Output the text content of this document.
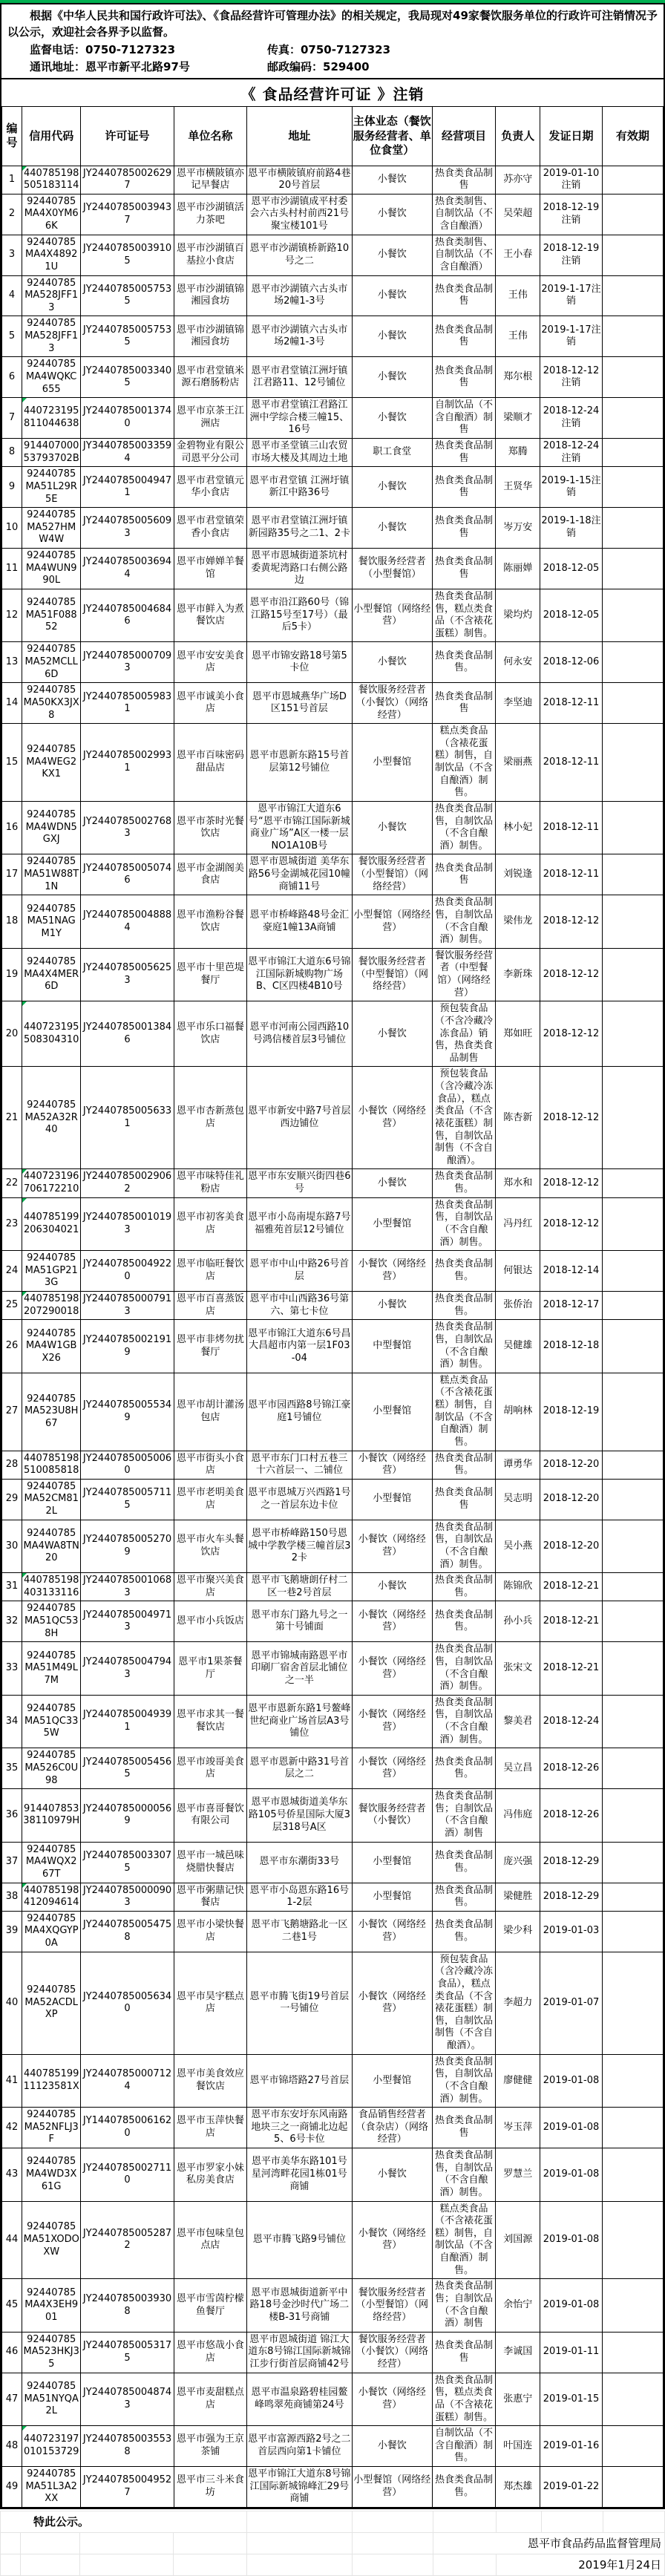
根据《中华人民共和国行政许可法》、《食品经营许可管理办法》的相关规定，我局现对49家餐饮服务单位的行政许可注销情况予以公示，欢迎社会各界予以监督。

监督电话：0750-7127323	传真：0750-7127323
通讯地址：恩平市新平北路97号	邮政编码：529400
《 食品经营许可证 》注销
编号	信用代码	许可证号	单位名称	地址	主体业态（餐饮服务经营者、单位食堂）	经营项目	负责人	发证日期	有效期
1	440785198505183114	JY24407850026297	恩平市横陂镇亦记早餐店	恩平市横陂镇府前路4巷20号首层	小餐饮	热食类食品制售	苏亦守	2019-01-10 注销	
2	92440785MA4X0YM66K	JY24407850039437	恩平市沙湖镇活力茶吧	恩平市沙湖镇成平村委会六古头村村前西21号聚宝楼101号	小餐饮	热食类制售、自制饮品（不含自酿酒）	吴荣超	2018-12-19 注销	
3	92440785MA4X48921U	JY24407850039105	恩平市沙湖镇百基拉小食店	恩平市沙湖镇桥新路10号之二	小餐饮	热食类制售、自制饮品（不含自酿酒）	王小春	2018-12-19 注销	
4	92440785MA528JFF13	JY24407850057535	恩平市沙湖镇锦湘园食坊	恩平市沙湖镇六古头市场2幢1-3号	小餐饮	热食类食品制售	王伟	2019-1-17注销	
5	92440785MA528JFF13	JY24407850057535	恩平市沙湖镇锦湘园食坊	恩平市沙湖镇六古头市场2幢1-3号	小餐饮	热食类食品制售	王伟	2019-1-17注销	
6	92440785MA4WQKC655	JY24407850033405	恩平市君堂镇米源石磨肠粉店	恩平市君堂镇江洲圩镇江君路11、12号铺位	小餐饮	热食类食品制售	郑尔根	2018-12-12 注销	
7	440723195811044638	JY24407850013740	恩平市京茶王江洲店	恩平市君堂镇江君路江洲中学综合楼三幢15、16号	小餐饮	自制饮品（不含自酿酒）制售	梁顺才	2018-12-24 注销	
8	91440700053793702B	JY34407850033594	金碧物业有限公司恩平分公司	恩平市圣堂镇三山农贸市场大楼及其周边土地	职工食堂	热食类食品制售	郑腾	2018-12-24 注销	
9	92440785MA51L29R5E	JY24407850049471	恩平市君堂镇元华小食店	恩平市君堂镇 江洲圩镇新江中路36号	小餐饮	热食类食品制售	王贤华	2019-1-15注销	
10	92440785MA527HMW4W	JY24407850056093	恩平市君堂镇荣香小食店	恩平市君堂镇江洲圩镇新园路35号之二1、2卡	小餐饮	热食类食品制售	岑万安	2019-1-18注销	
11	92440785MA4WUN990L	JY24407850036944	恩平市婵婵羊餐馆	恩平市恩城街道茶坑村委黄坭湾路口右侧公路边	餐饮服务经营者（小型餐馆）	热食类食品制售	陈丽婵	2018-12-05	
12	92440785MA51F08852	JY24407850046846	恩平市鲜入为煮餐饮店	恩平市沿江路60号（锦江路15号至17号）（最后5卡）	小型餐馆（网络经营）	热食类食品制售，糕点类食品（不含裱花蛋糕）制售。	梁均灼	2018-12-05	
13	92440785MA52MCLL6D	JY24407850007093	恩平市安安美食店	恩平市锦安路18号第5卡位	小餐饮	热食类食品制售。	何永安	2018-12-06	
14	92440785MA50KX3JX8	JY24407850059831	恩平市诚美小食店	恩平市恩城燕华广场D区151号首层	餐饮服务经营者（小餐饮）（网络经营）	热食类食品制售	李坚迪	2018-12-11	
15	92440785MA4WEG2KX1	JY24407850029931	恩平市百味密码甜品店	恩平市恩新东路15号首层第12号铺位	小型餐馆	糕点类食品（含裱花蛋糕）制售，自制饮品（不含自酿酒）制售。	梁丽燕	2018-12-11	
16	92440785MA4WDN5GXJ	JY24407850027683	恩平市茶时光餐饮店	恩平市锦江大道东6号“恩平市锦江国际新城商业广场”A区一楼一层NO1A10B号	小餐饮	热食类食品制售，自制饮品（不含自酿酒）制售。	林小妃	2018-12-11	
17	92440785MA51W88T1N	JY24407850050746	恩平市金湖阁美食店	恩平市恩城街道 美华东路56号金湖城花园10幢商铺11号	餐饮服务经营者（小型餐馆）（网络经营）	热食类食品制售	刘锐逢	2018-12-11	
18	92440785MA51NAGM1Y	JY24407850048884	恩平市渔粉谷餐饮店	恩平市桥峰路48号金汇豪庭1幢13A商铺	小型餐馆（网络经营）	热食类食品制售，自制饮品（不含自酿酒）制售。	梁伟龙	2018-12-12	
19	92440785MA4X4MER6D	JY24407850056253	恩平市十里芭堤餐厅	恩平市锦江大道东6号锦江国际新城购物广场B、C区四楼4B10号	餐饮服务经营者（中型餐馆）（网络经营）	餐饮服务经营者（中型餐馆）（网络经营）	李新珠	2018-12-12	
20	440723195508304310	JY24407850013846	恩平市乐口福餐饮店	恩平市河南公园西路10号鸿信楼首层3号铺位	小餐饮	预包装食品（不含冷藏冷冻食品）销售，热食类食品制售	郑如旺	2018-12-12	
21	92440785MA52A32R40	JY24407850056331	恩平市杏新蒸包店	恩平市新安中路7号首层西边铺位	小餐饮（网络经营）	预包装食品（含冷藏冷冻食品），糕点类食品（不含裱花蛋糕）制售，自制饮品制售（不含自酿酒）。	陈杏新	2018-12-12	
22	440723196706172210	JY24407850029062	恩平市味特佳礼粉店	恩平市东安顺兴街四巷6号	小餐饮	热食类食品制售。	郑水和	2018-12-12	
23	440785199206304021	JY24407850010193	恩平市初客美食店	恩平市小岛南堤东路7号福雅苑首层12号铺位	小型餐馆	热食类食品制售，自制饮品（不含自酿酒）制售。	冯丹红	2018-12-12	
24	92440785MA51GP213G	JY24407850049220	恩平市临旺餐饮店	恩平市中山中路26号首层	小餐饮（网络经营）	热食类食品制售。	何银达	2018-12-14	
25	440785198207290018	JY24407850007913	恩平市百喜蒸饭店	恩平市中山西路36号第六、第七卡位	小餐饮	热食类食品制售。	张侨治	2018-12-17	
26	92440785MA4W1GBX26	JY24407850021919	恩平市非烤勿扰餐厅	恩平市锦江大道东6号昌大昌超市内第一层1F03-04	中型餐馆	热食类食品制售，自制饮品（不含自酿酒）制售。	吴健雄	2018-12-18	
27	92440785MA523U8H67	JY24407850055349	恩平市胡计灌汤包店	恩平市园西路8号锦江豪庭1号铺位	小型餐馆	糕点类食品（不含裱花蛋糕）制售，自制饮品（不含自酿酒）制售。	胡响林	2018-12-19	
28	440785198510085818	JY24407850050060	恩平市街头小食店	恩平市东门口村五巷三十六首层一、二铺位	小餐饮（网络经营）	热食类食品制售。	谭勇华	2018-12-20	
29	92440785MA52CM812L	JY24407850057115	恩平市老明美食店	恩平市恩城万兴西路1号之一首层东边卡位	小型餐馆	热食类食品制售	吴志明	2018-12-20	
30	92440785MA4WA8TN20	JY24407850052709	恩平市火车头餐饮店	恩平市桥峰路150号恩城中学教学楼三幢首层32卡	小餐饮（网络经营）	热食类食品制售，自制饮品（不含自酿酒）制售。	吴小燕	2018-12-20	
31	440785198403133116	JY24407850010683	恩平市聚兴美食店	恩平市飞鹅塘朗仔村二区一巷2号首层	小餐饮	热食类食品制售。	陈锦欣	2018-12-21	
32	92440785MA51QC538H	JY24407850049713	恩平市小兵饭店	恩平市东门路九号之一第十号铺面	小餐饮（网络经营）	热食类食品制售。	孙小兵	2018-12-21	
33	92440785MA51M49L7M	JY24407850047943	恩平市1果茶餐厅	恩平市锦城南路恩平市印刷厂宿舍首层北铺位之一半	小餐饮（网络经营）	热食类食品制售，自制饮品（不含自酿酒）制售。	张宋文	2018-12-21	
34	92440785MA51QC335W	JY24407850049391	恩平市求其一餐餐饮店	恩平市恩新东路1号鳌峰世纪商业广场首层A3号铺位	小餐饮（网络经营）	热食类食品制售，自制饮品（不含自酿酒）制售。	黎美君	2018-12-24	
35	92440785MA526C0U98	JY24407850054565	恩平市竣哥美食店	恩平市恩新中路31号首层之二	小餐饮（网络经营）	热食类食品制售。	吴立昌	2018-12-26	
36	91440785338110979H	JY24407850000569	恩平市喜哥餐饮有限公司	恩平市恩城街道美华东路105号侨星国际大厦3层318号A区	餐饮服务经营者（小餐饮）	热食类食品制售；自制饮品（不含自酿酒）制售	冯伟庭	2018-12-26	
37	92440785MA4WQX267T	JY24407850033075	恩平市一城邑味烧腊快餐店	恩平市东潮街33号	小型餐馆	热食类食品制售。	庞兴强	2018-12-29	
38	440785198412094614	JY24407850000903	恩平市粥鼎记快餐店	恩平市小岛恩东路16号1-2层	小型餐馆	热食类食品制售。	梁健胜	2018-12-29	
39	92440785MA4XQGYP0A	JY24407850054758	恩平市小梁快餐店	恩平市飞鹅塘路北一区二巷1号	小餐饮（网络经营）	热食类食品制售。	梁少科	2019-01-03	
40	92440785MA52ACDLXP	JY24407850056340	恩平市昊宇糕点店	恩平市腾飞街19号首层一号铺位	小餐饮（网络经营）	预包装食品（含冷藏冷冻食品），糕点类食品（不含裱花蛋糕）制售，自制饮品制售（不含自酿酒）。	李超力	2019-01-07	
41	44078519911123581X	JY24407850007124	恩平市美食效应餐饮店	恩平市锦塔路27号首层	小型餐馆	热食类食品制售，自制饮品（不含自酿酒）制售。	廖健健	2019-01-08	
42	92440785MA52NFLJ3F	JY14407850061620	恩平市玉萍快餐店	恩平市东安圩东风南路地块三之一商铺北边起5、6号卡位	食品销售经营者（食杂店）（网络经营）	热食类食品制售	岑玉萍	2019-01-08	
43	92440785MA4WD3X61G	JY24407850027110	恩平市罗家小妹私房美食店	恩平市美华东路101号星河湾畔花园1栋01号商铺	小餐饮	热食类食品制售，自制饮品（不含自酿酒）制售。	罗慧兰	2019-01-08	
44	92440785MA51XODOXW	JY24407850052872	恩平市包味皇包点店	恩平市腾飞路9号铺位	小餐饮（网络经营）	糕点类食品（不含裱花蛋糕）制售，自制饮品（不含自酿酒）制售。	刘国源	2019-01-08	
45	92440785MA4X3EH901	JY24407850039308	恩平市雪茵柠檬鱼餐厅	恩平市恩城街道新平中路18号金沙时代广场二楼B-31号商铺	餐饮服务经营者（小型餐馆）（网络经营）	热食类食品制售；自制饮品（不含自酿酒）制售	余怡宁	2019-01-08	
46	92440785MA523HKJ35	JY24407850053175	恩平市悠哉小食店	恩平市恩城街道 锦江大道东8号锦江国际新城锦江步行街首层商铺42号	餐饮服务经营者（小餐饮）（网络经营）	热食类食品制售	李诚国	2019-01-11	
47	92440785MA51NYQA2L	JY24407850048743	恩平市麦甜糕点店	恩平市温泉路碧桂园鳌峰鸣翠苑商铺第24号	小餐饮（网络经营）	热食类食品制售，糕点类食品（不含裱花蛋糕）制售。	张惠宁	2019-01-15	
48	440723197010153729	JY24407850035538	恩平市强为王京茶铺	恩平市富源西路2号之二首层西向第1卡铺位	小餐饮	自制饮品（不含自酿酒）制售。	叶国连	2019-01-16	
49	92440785MA51L3A2XX	JY24407850049527	恩平市三斗米食坊	恩平市锦江大道东8号锦江国际新城锦峰汇29号商铺	小型餐馆（网络经营）	热食类食品制售。	郑杰雄	2019-01-22	
特此公示。									
						恩平市食品药品监督管理局			
							2019年1月24日		
